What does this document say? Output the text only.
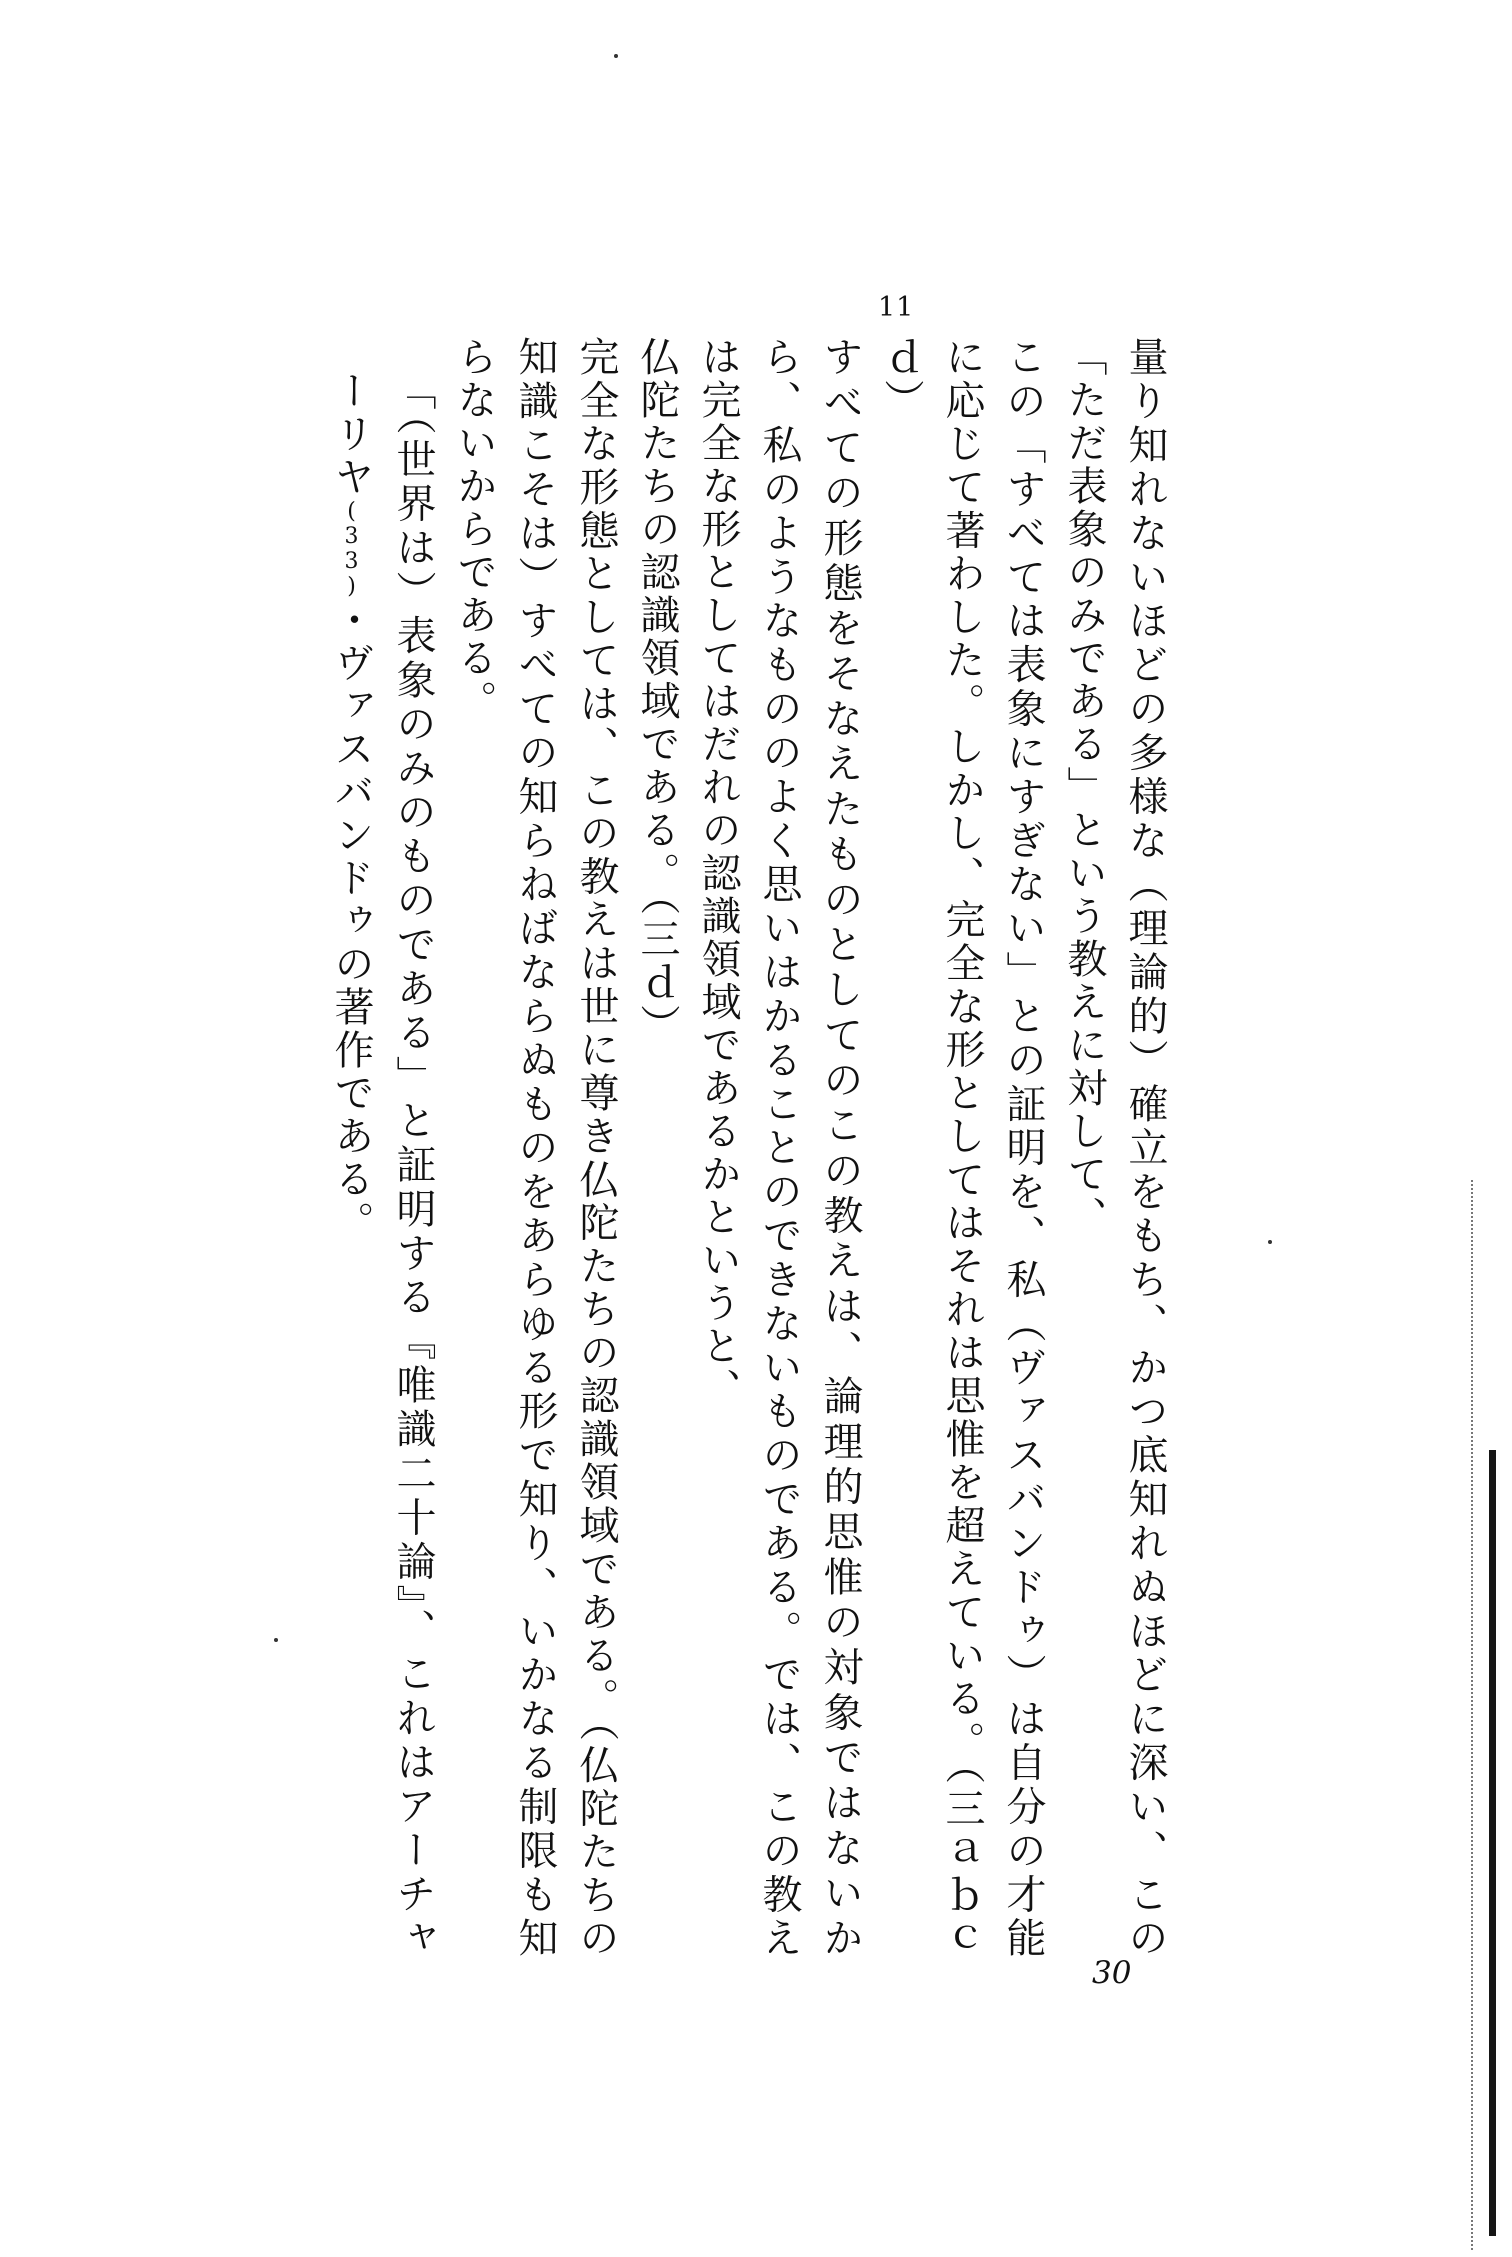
11

量り知れないほどの多様な（理論的）確立をもち、かつ底知れぬほどに深い、この「ただ表象のみである」という教えに対して、

この「すべては表象にすぎない」との証明を、私（ヴァスバンドゥ）は自分の才能に応じて著わした。しかし、完全な形としてはそれは思惟を超えている。（三ａｂｃｄ）

すべての形態をそなえたものとしてのこの教えは、論理的思惟の対象ではないから、私のようなもののよく思いはかることのできないものである。では、この教えは完全な形としてはだれの認識領域であるかというと、

仏陀たちの認識領域である。（三ｄ）

完全な形態としては、この教えは世に尊き仏陀たちの認識領域である。（仏陀たちの知識こそは）すべての知らねばならぬものをあらゆる形で知り、いかなる制限も知らないからである。

「（世界は）表象のみのものである」と証明する『唯識二十論』、これはアーチャーリヤ(33)・ヴァスバンドゥの著作である。

30
